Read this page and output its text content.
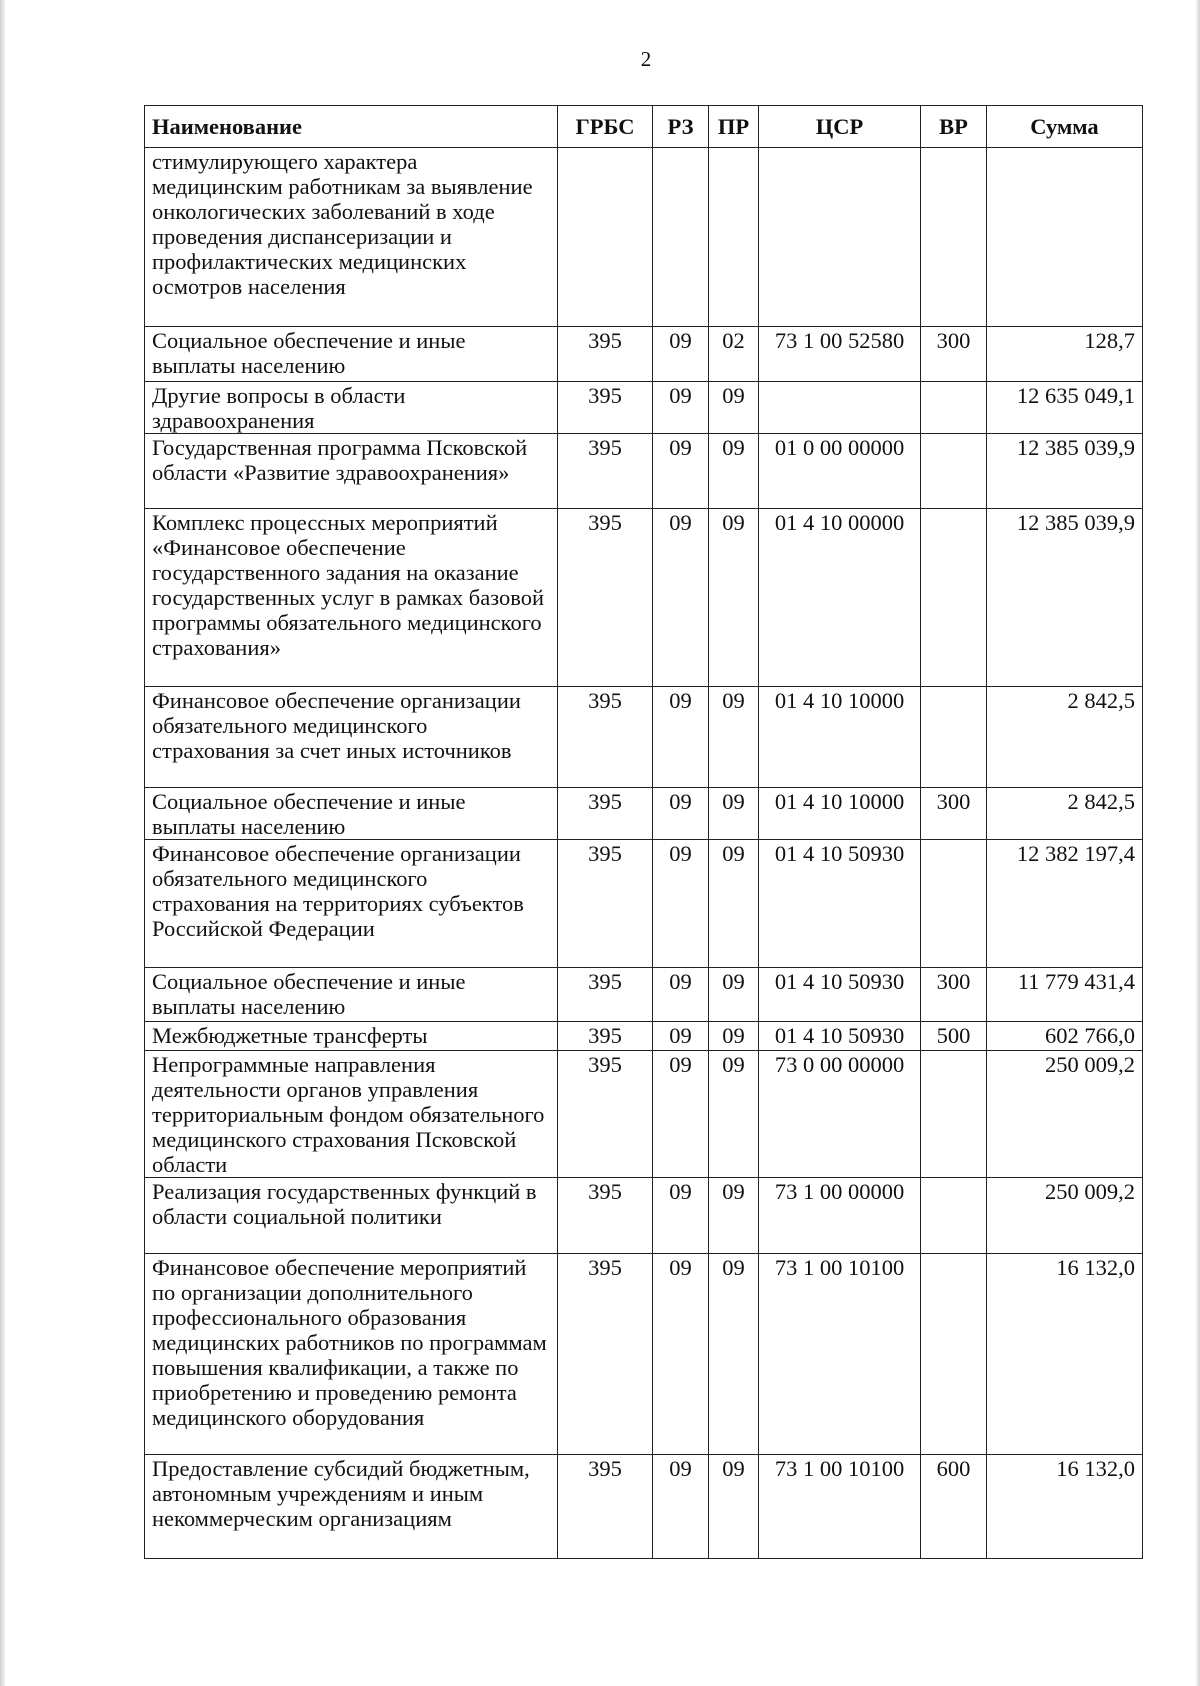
2
Наименование	ГРБС	РЗ	ПР	ЦСР	ВР	Сумма
стимулирующего характера медицинским работникам за выявление онкологических заболеваний в ходе проведения диспансеризации и профилактических медицинских осмотров населения						
Социальное обеспечение и иные выплаты населению	395	09	02	73 1 00 52580	300	128,7
Другие вопросы в области здравоохранения	395	09	09			12 635 049,1
Государственная программа Псковской области «Развитие здравоохранения»	395	09	09	01 0 00 00000		12 385 039,9
Комплекс процессных мероприятий «Финансовое обеспечение государственного задания на оказание государственных услуг в рамках базовой программы обязательного медицинского страхования»	395	09	09	01 4 10 00000		12 385 039,9
Финансовое обеспечение организации обязательного медицинского страхования за счет иных источников	395	09	09	01 4 10 10000		2 842,5
Социальное обеспечение и иные выплаты населению	395	09	09	01 4 10 10000	300	2 842,5
Финансовое обеспечение организации обязательного медицинского страхования на территориях субъектов Российской Федерации	395	09	09	01 4 10 50930		12 382 197,4
Социальное обеспечение и иные выплаты населению	395	09	09	01 4 10 50930	300	11 779 431,4
Межбюджетные трансферты	395	09	09	01 4 10 50930	500	602 766,0
Непрограммные направления деятельности органов управления территориальным фондом обязательного медицинского страхования Псковской области	395	09	09	73 0 00 00000		250 009,2
Реализация государственных функций в области социальной политики	395	09	09	73 1 00 00000		250 009,2
Финансовое обеспечение мероприятий по организации дополнительного профессионального образования медицинских работников по программам повышения квалификации, а также по приобретению и проведению ремонта медицинского оборудования	395	09	09	73 1 00 10100		16 132,0
Предоставление субсидий бюджетным, автономным учреждениям и иным некоммерческим организациям	395	09	09	73 1 00 10100	600	16 132,0
